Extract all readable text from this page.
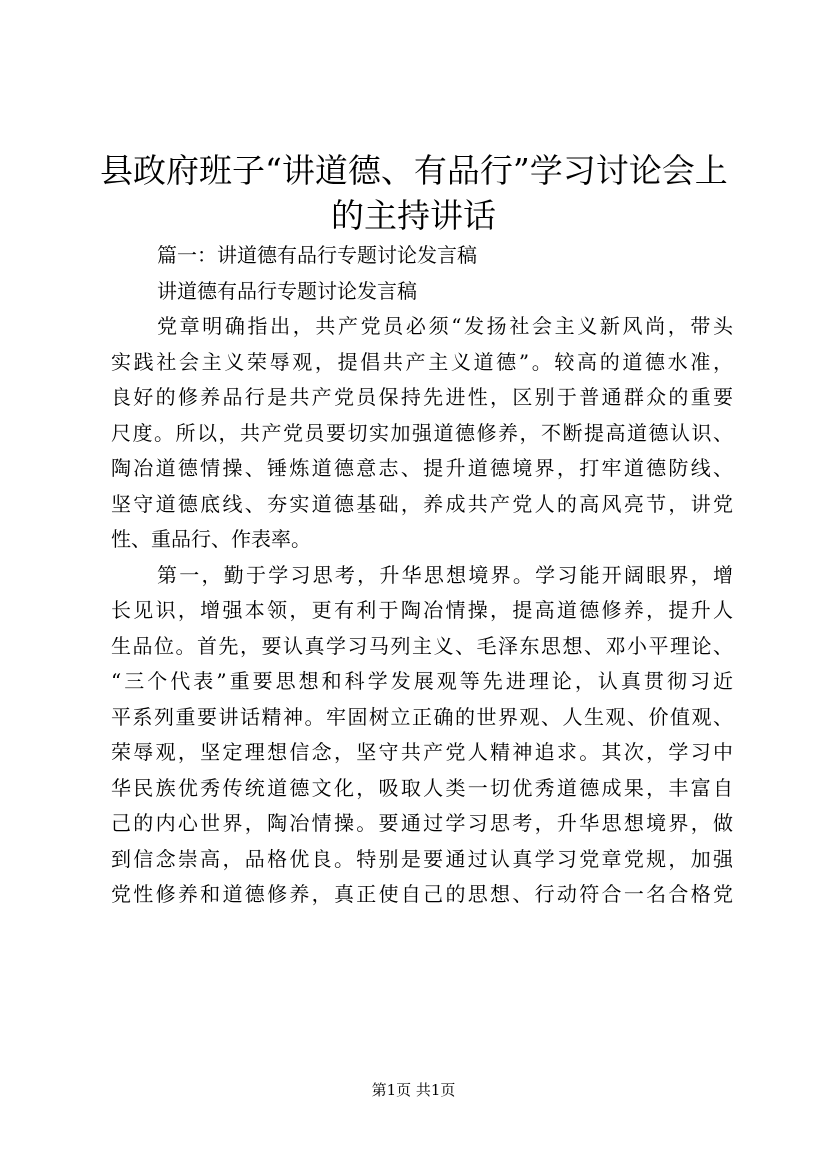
县政府班子“讲道德、有品行”学习讨论会上
的主持讲话

篇一：讲道德有品行专题讨论发言稿

讲道德有品行专题讨论发言稿

党章明确指出，共产党员必须“发扬社会主义新风尚，带头

实践社会主义荣辱观，提倡共产主义道德”。较高的道德水准，

良好的修养品行是共产党员保持先进性，区别于普通群众的重要

尺度。所以，共产党员要切实加强道德修养，不断提高道德认识、

陶冶道德情操、锤炼道德意志、提升道德境界，打牢道德防线、

坚守道德底线、夯实道德基础，养成共产党人的高风亮节，讲党

性、重品行、作表率。

第一，勤于学习思考，升华思想境界。学习能开阔眼界，增

长见识，增强本领，更有利于陶冶情操，提高道德修养，提升人

生品位。首先，要认真学习马列主义、毛泽东思想、邓小平理论、

“三个代表”重要思想和科学发展观等先进理论，认真贯彻习近

平系列重要讲话精神。牢固树立正确的世界观、人生观、价值观、

荣辱观，坚定理想信念，坚守共产党人精神追求。其次，学习中

华民族优秀传统道德文化，吸取人类一切优秀道德成果，丰富自

己的内心世界，陶冶情操。要通过学习思考，升华思想境界，做

到信念崇高，品格优良。特别是要通过认真学习党章党规，加强

党性修养和道德修养，真正使自己的思想、行动符合一名合格党

第1页 共1页
